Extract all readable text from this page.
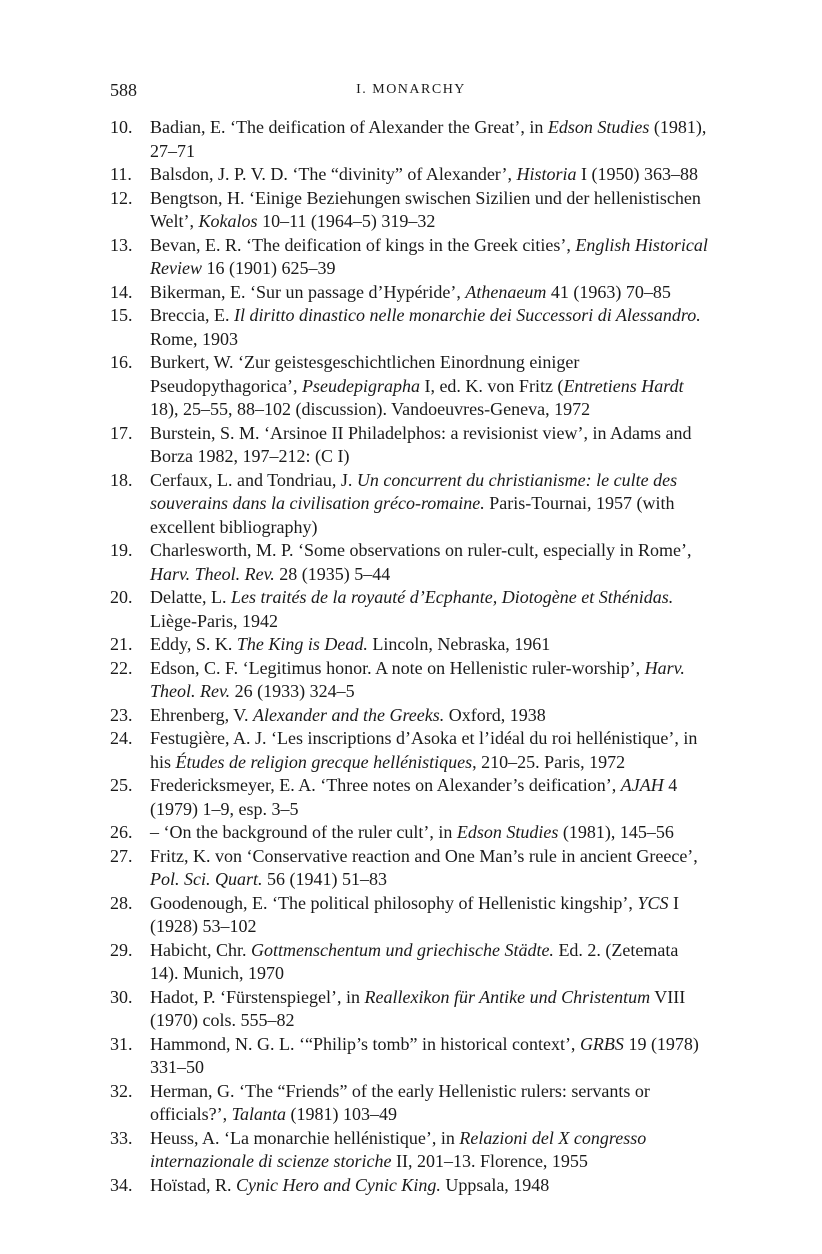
588	I. MONARCHY
10. Badian, E. ‘The deification of Alexander the Great’, in Edson Studies (1981), 27–71
11.	Balsdon, J. P. V. D. ‘The “divinity” of Alexander’, Historia I (1950) 363–88
12. Bengtson, H. ‘Einige Beziehungen swischen Sizilien und der hellenistischen Welt’, Kokalos 10–11 (1964–5) 319–32
13. Bevan, E. R. ‘The deification of kings in the Greek cities’, English Historical Review 16 (1901) 625–39
14. Bikerman, E. ‘Sur un passage d’Hypéride’, Athenaeum 41 (1963) 70–85
15. Breccia, E. Il diritto dinastico nelle monarchie dei Successori di Alessandro. Rome, 1903
16. Burkert, W. ‘Zur geistesgeschichtlichen Einordnung einiger Pseudopythagorica’, Pseudepigrapha I, ed. K. von Fritz (Entretiens Hardt 18), 25–55, 88–102 (discussion). Vandoeuvres-Geneva, 1972
17. Burstein, S. M. ‘Arsinoe II Philadelphos: a revisionist view’, in Adams and Borza 1982, 197–212: (C I)
18. Cerfaux, L. and Tondriau, J. Un concurrent du christianisme: le culte des souverains dans la civilisation gréco-romaine. Paris-Tournai, 1957 (with excellent bibliography)
19. Charlesworth, M. P. ‘Some observations on ruler-cult, especially in Rome’, Harv. Theol. Rev. 28 (1935) 5–44
20. Delatte, L. Les traités de la royauté d’Ecphante, Diotogène et Sthénidas. Liège-Paris, 1942
21. Eddy, S. K. The King is Dead. Lincoln, Nebraska, 1961
22. Edson, C. F. ‘Legitimus honor. A note on Hellenistic ruler-worship’, Harv. Theol. Rev. 26 (1933) 324–5
23. Ehrenberg, V. Alexander and the Greeks. Oxford, 1938
24. Festugière, A. J. ‘Les inscriptions d’Asoka et l’idéal du roi hellénistique’, in his Études de religion grecque hellénistiques, 210–25. Paris, 1972
25. Fredericksmeyer, E. A. ‘Three notes on Alexander’s deification’, AJAH 4 (1979) 1–9, esp. 3–5
26. – ‘On the background of the ruler cult’, in Edson Studies (1981), 145–56
27. Fritz, K. von ‘Conservative reaction and One Man’s rule in ancient Greece’, Pol. Sci. Quart. 56 (1941) 51–83
28. Goodenough, E. ‘The political philosophy of Hellenistic kingship’, YCS I (1928) 53–102
29. Habicht, Chr. Gottmenschentum und griechische Städte. Ed. 2. (Zetemata 14). Munich, 1970
30. Hadot, P. ‘Fürstenspiegel’, in Reallexikon für Antike und Christentum VIII (1970) cols. 555–82
31. Hammond, N. G. L. ‘“Philip’s tomb” in historical context’, GRBS 19 (1978) 331–50
32. Herman, G. ‘The “Friends” of the early Hellenistic rulers: servants or officials?’, Talanta (1981) 103–49
33. Heuss, A. ‘La monarchie hellénistique’, in Relazioni del X congresso internazionale di scienze storiche II, 201–13. Florence, 1955
34. Hoïstad, R. Cynic Hero and Cynic King. Uppsala, 1948
